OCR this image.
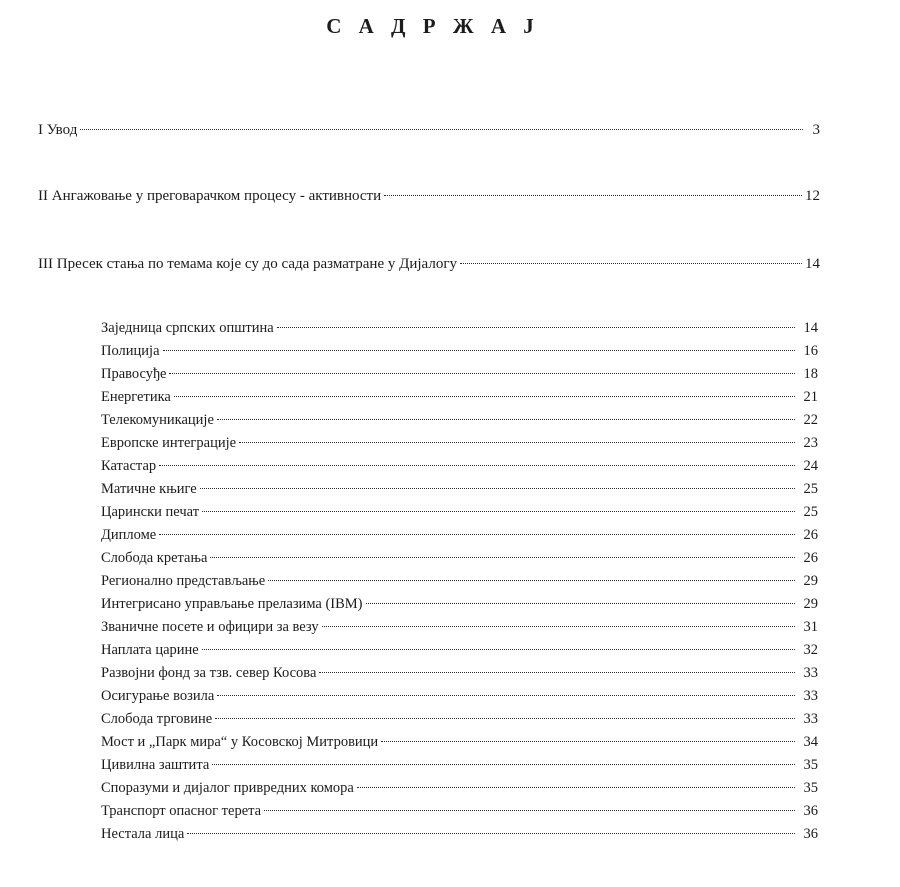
С А Д Р Ж А Ј
I Увод	3
II Ангажовање у преговарачком процесу - активности	12
III Пресек стања по темама које су до сада разматране у Дијалогу	14
Заједница српских општина	14
Полиција	16
Правосуђе	18
Енергетика	21
Телекомуникације	22
Европске интеграције	23
Катастар	24
Матичне књиге	25
Царински печат	25
Дипломе	26
Слобода кретања	26
Регионално представљање	29
Интегрисано управљање прелазима (IBM)	29
Званичне посете и официри за везу	31
Наплата царине	32
Развојни фонд за тзв. север Косова	33
Осигурање возила	33
Слобода трговине	33
Мост и „Парк мира“ у Косовској Митровици	34
Цивилна заштита	35
Споразуми и дијалог привредних комора	35
Транспорт опасног терета	36
Нестала лица	36
